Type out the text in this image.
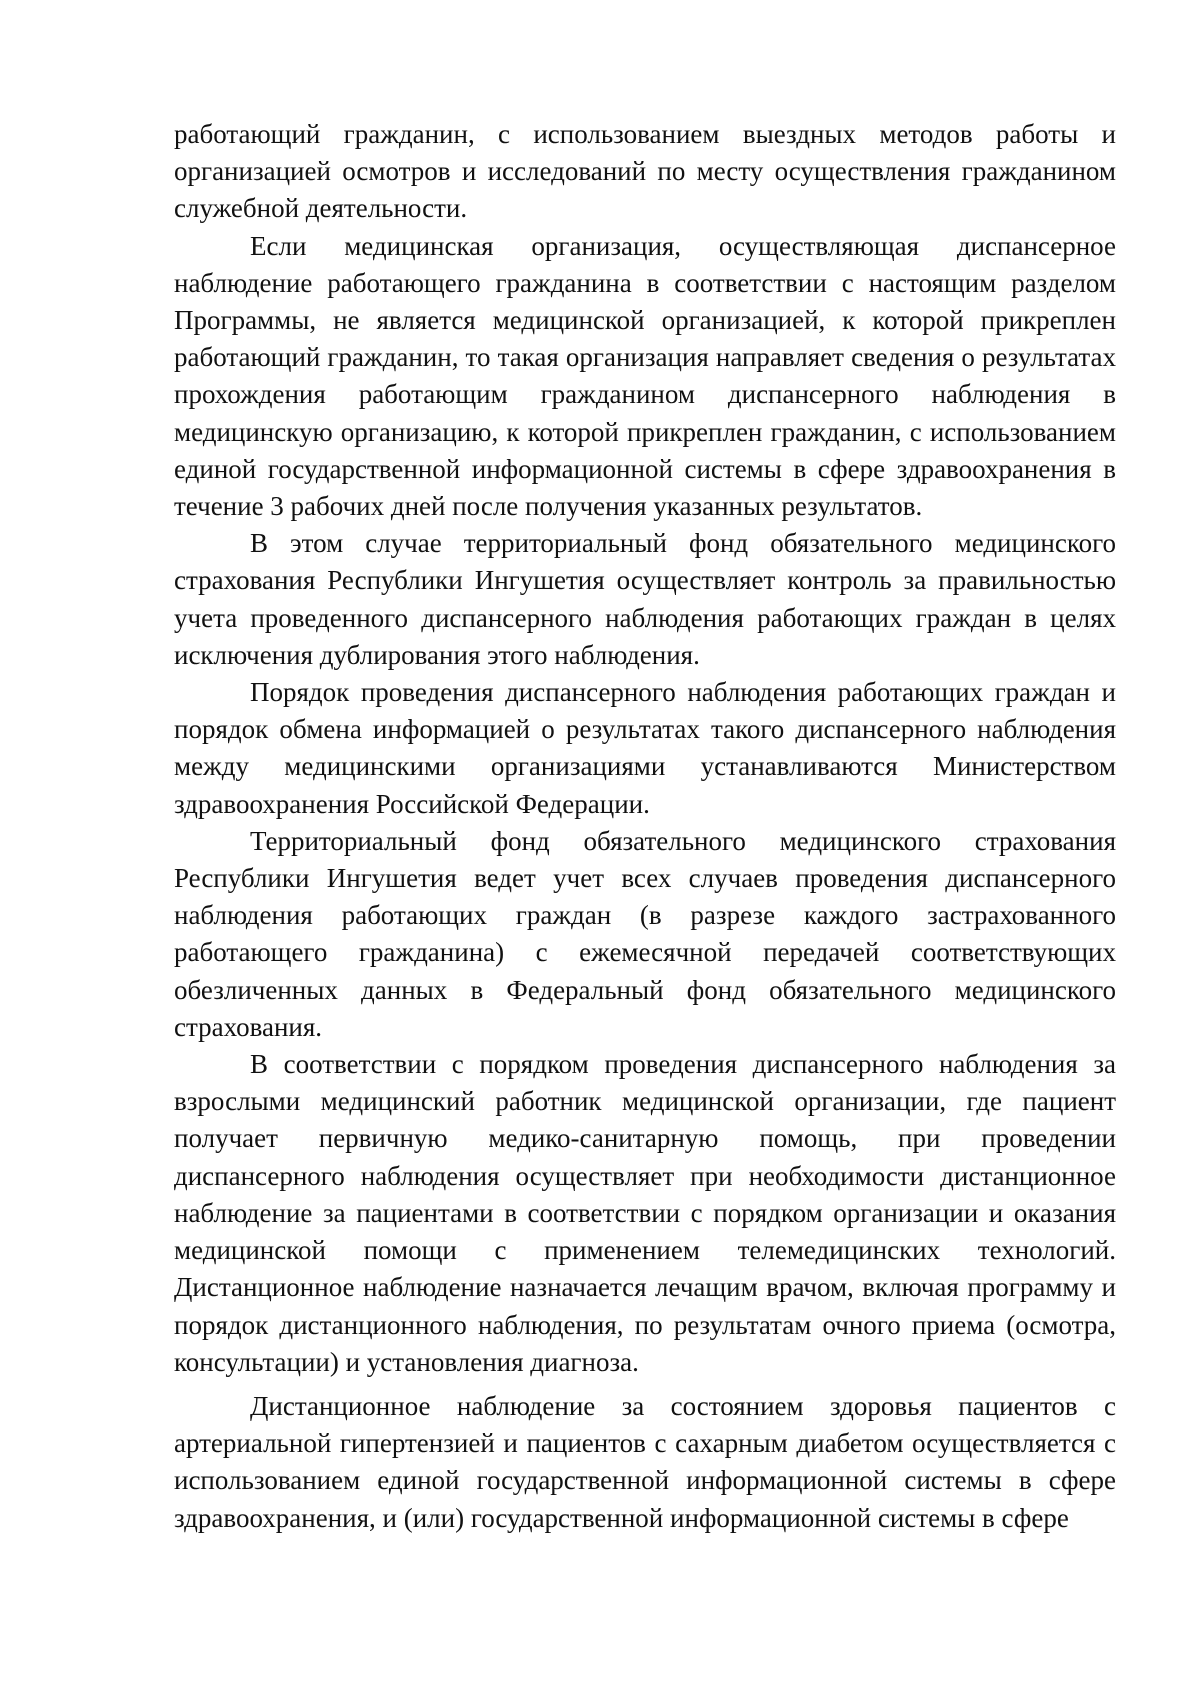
работающий гражданин, с использованием выездных методов работы и организацией осмотров и исследований по месту осуществления гражданином служебной деятельности.

Если медицинская организация, осуществляющая диспансерное наблюдение работающего гражданина в соответствии с настоящим разделом Программы, не является медицинской организацией, к которой прикреплен работающий гражданин, то такая организация направляет сведения о результатах прохождения работающим гражданином диспансерного наблюдения в медицинскую организацию, к которой прикреплен гражданин, с использованием единой государственной информационной системы в сфере здравоохранения в течение 3 рабочих дней после получения указанных результатов.

В этом случае территориальный фонд обязательного медицинского страхования Республики Ингушетия осуществляет контроль за правильностью учета проведенного диспансерного наблюдения работающих граждан в целях исключения дублирования этого наблюдения.

Порядок проведения диспансерного наблюдения работающих граждан и порядок обмена информацией о результатах такого диспансерного наблюдения между медицинскими организациями устанавливаются Министерством здравоохранения Российской Федерации.

Территориальный фонд обязательного медицинского страхования Республики Ингушетия ведет учет всех случаев проведения диспансерного наблюдения работающих граждан (в разрезе каждого застрахованного работающего гражданина) с ежемесячной передачей соответствующих обезличенных данных в Федеральный фонд обязательного медицинского страхования.

В соответствии с порядком проведения диспансерного наблюдения за взрослыми медицинский работник медицинской организации, где пациент получает первичную медико-санитарную помощь, при проведении диспансерного наблюдения осуществляет при необходимости дистанционное наблюдение за пациентами в соответствии с порядком организации и оказания медицинской помощи с применением телемедицинских технологий. Дистанционное наблюдение назначается лечащим врачом, включая программу и порядок дистанционного наблюдения, по результатам очного приема (осмотра, консультации) и установления диагноза.

Дистанционное наблюдение за состоянием здоровья пациентов с артериальной гипертензией и пациентов с сахарным диабетом осуществляется с использованием единой государственной информационной системы в сфере здравоохранения, и (или) государственной информационной системы в сфере
